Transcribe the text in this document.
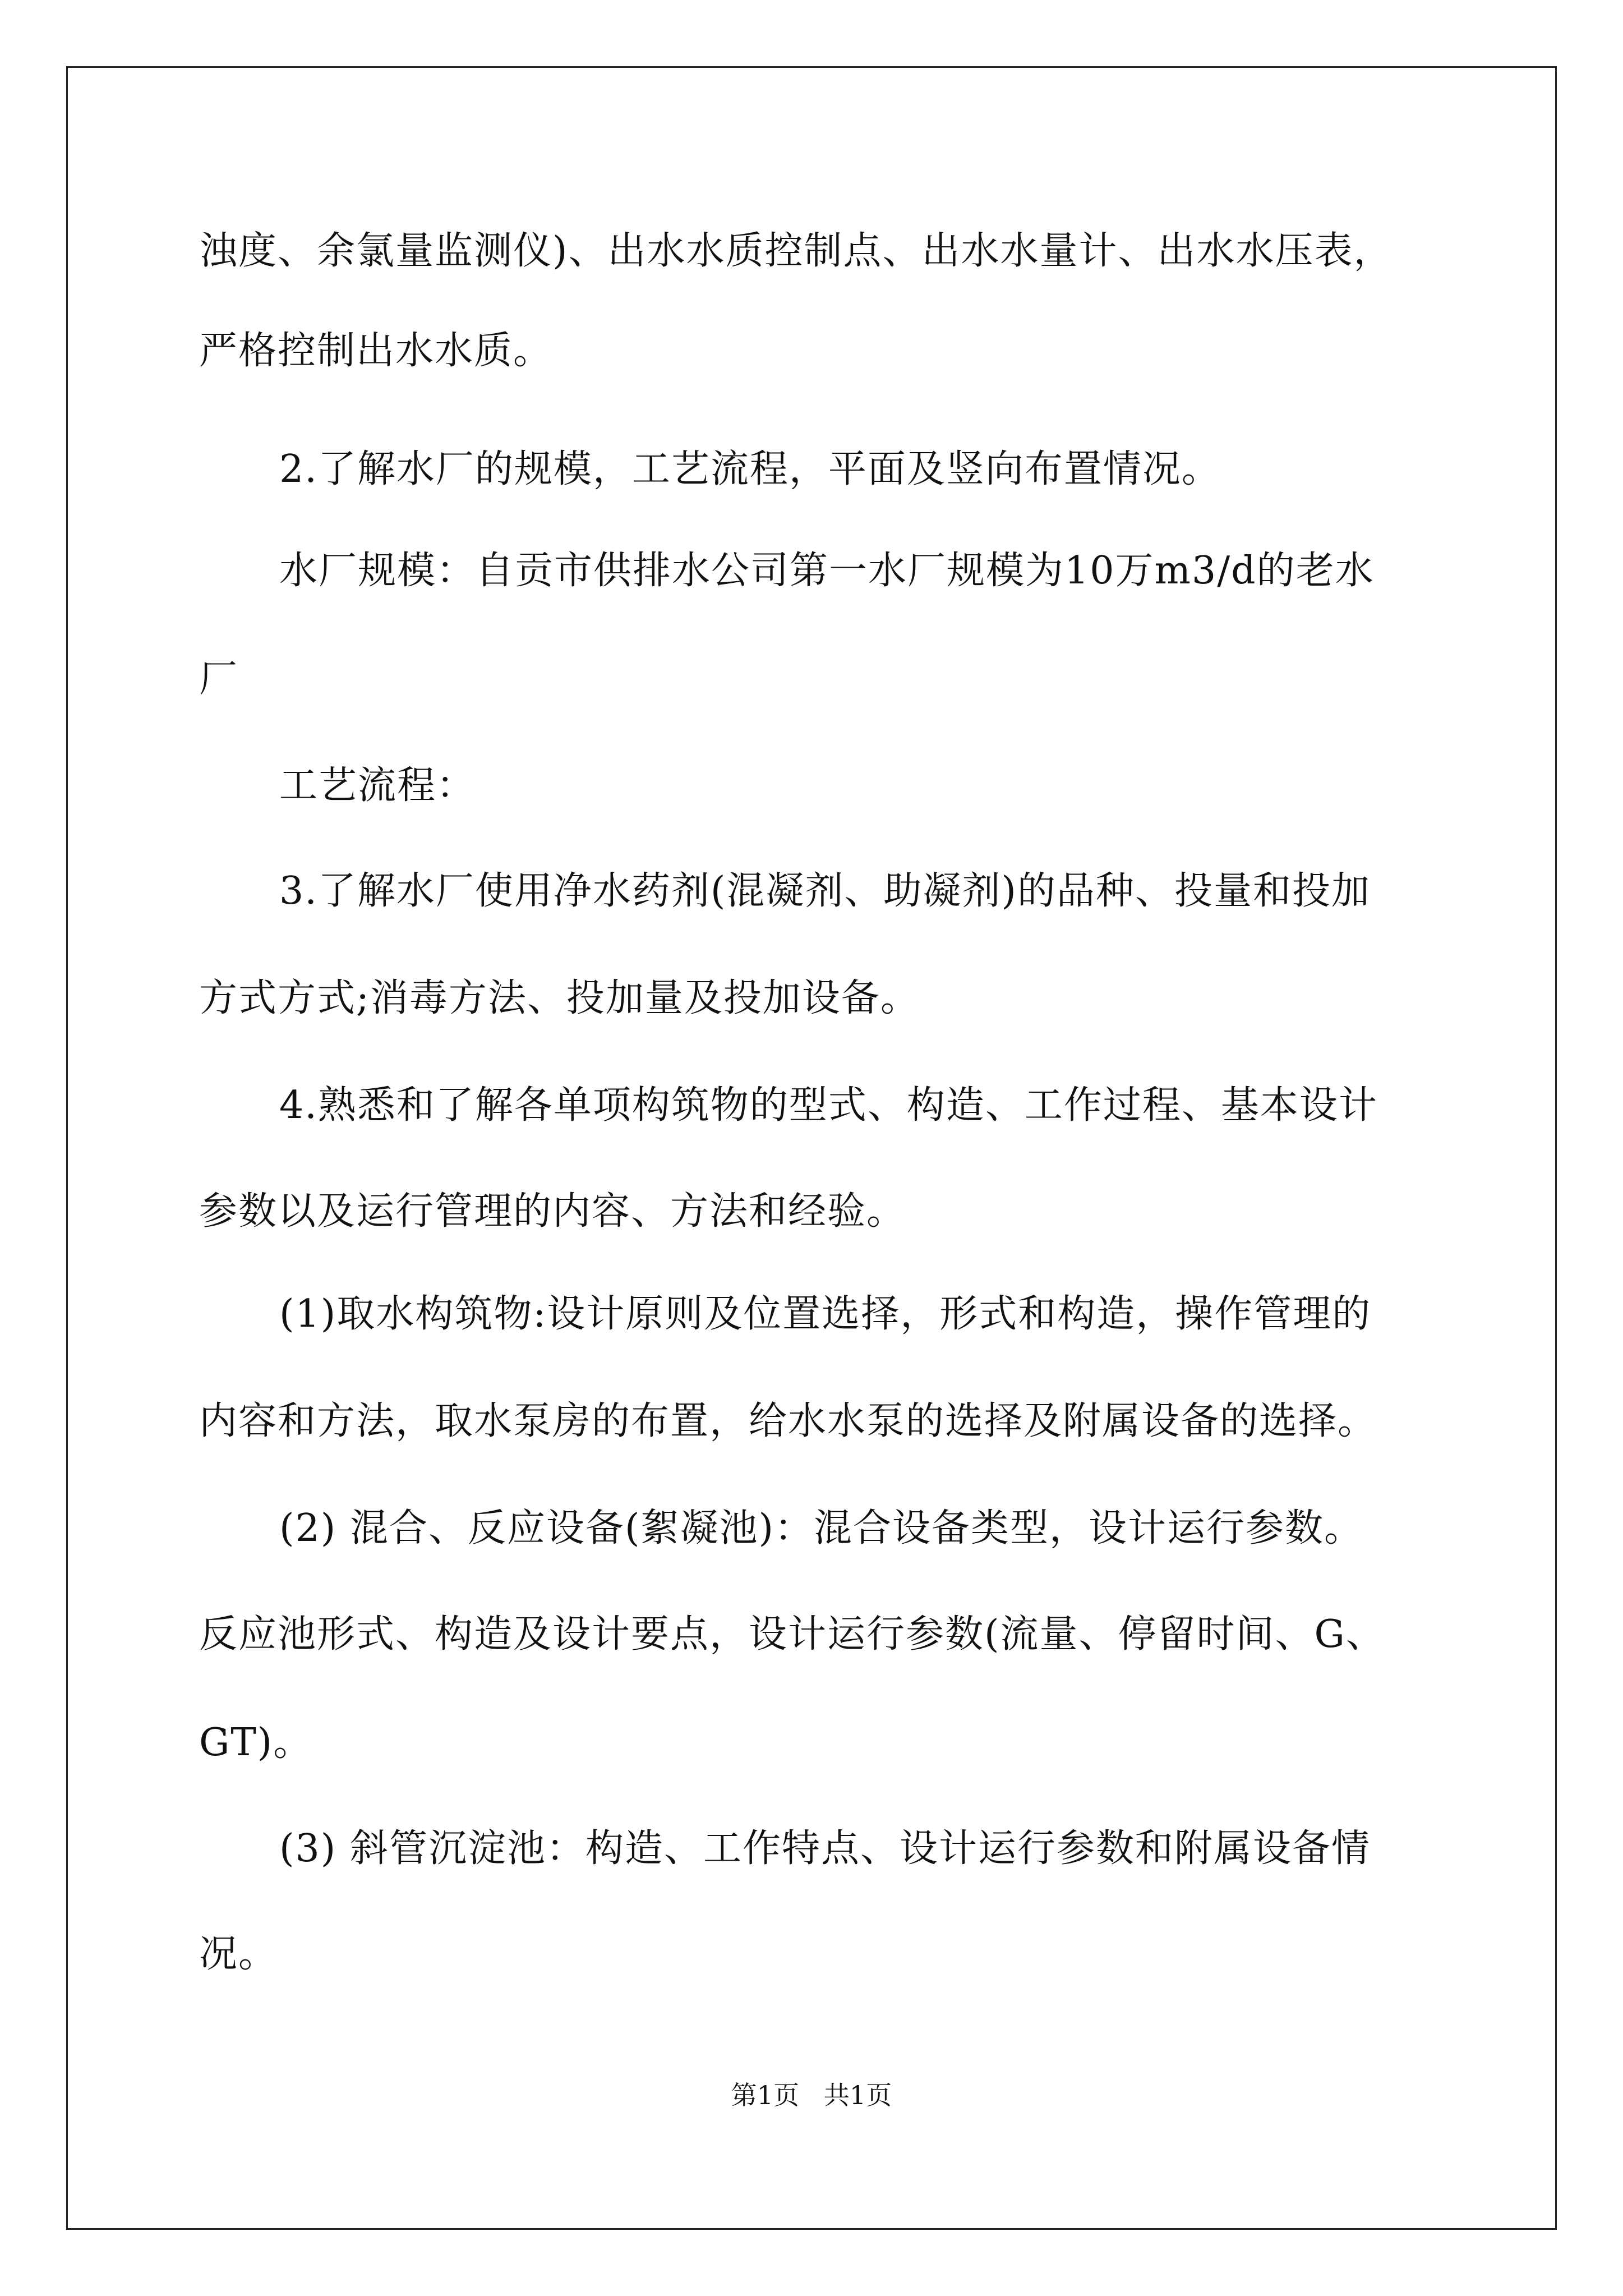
浊度、余氯量监测仪)、出水水质控制点、出水水量计、出水水压表，
严格控制出水水质。
2.了解水厂的规模，工艺流程，平面及竖向布置情况。
水厂规模：自贡市供排水公司第一水厂规模为10万m3/d的老水
厂
工艺流程：
3.了解水厂使用净水药剂(混凝剂、助凝剂)的品种、投量和投加
方式方式;消毒方法、投加量及投加设备。
4.熟悉和了解各单项构筑物的型式、构造、工作过程、基本设计
参数以及运行管理的内容、方法和经验。
(1)取水构筑物:设计原则及位置选择，形式和构造，操作管理的
内容和方法，取水泵房的布置，给水水泵的选择及附属设备的选择。
(2) 混合、反应设备(絮凝池)：混合设备类型，设计运行参数。
反应池形式、构造及设计要点，设计运行参数(流量、停留时间、G、
GT)。
(3) 斜管沉淀池：构造、工作特点、设计运行参数和附属设备情
况。
第1页   共1页
